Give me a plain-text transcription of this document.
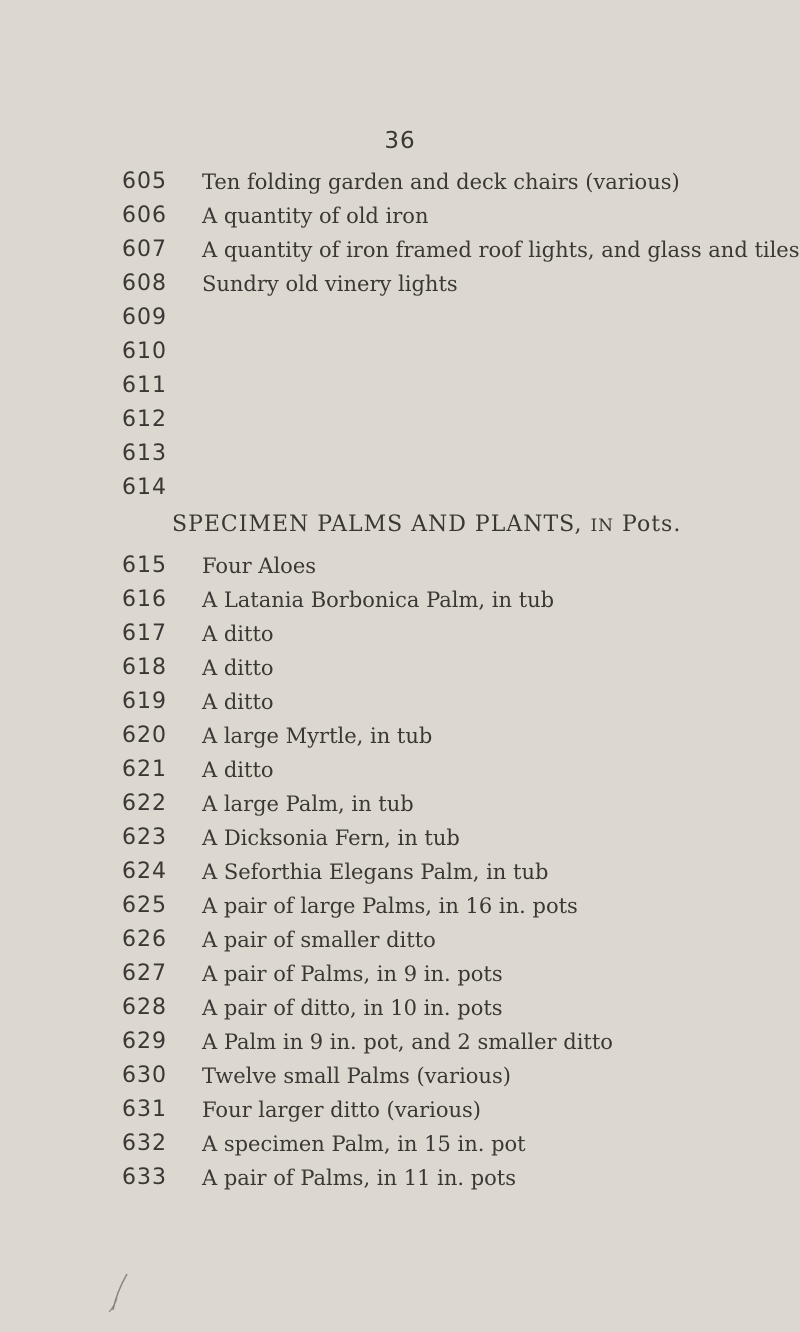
36
605	Ten folding garden and deck chairs (various)
606	A quantity of old iron
607	A quantity of iron framed roof lights, and glass and tiles
608	Sundry old vinery lights
609
610
611
612
613
614
SPECIMEN PALMS AND PLANTS, IN Pots.
615	Four Aloes
616	A Latania Borbonica Palm, in tub
617	A ditto
618	A ditto
619	A ditto
620	A large Myrtle, in tub
621	A ditto
622	A large Palm, in tub
623	A Dicksonia Fern, in tub
624	A Seforthia Elegans Palm, in tub
625	A pair of large Palms, in 16 in. pots
626	A pair of smaller ditto
627	A pair of Palms, in 9 in. pots
628	A pair of ditto, in 10 in. pots
629	A Palm in 9 in. pot, and 2 smaller ditto
630	Twelve small Palms (various)
631	Four larger ditto (various)
632	A specimen Palm, in 15 in. pot
633	A pair of Palms, in 11 in. pots
